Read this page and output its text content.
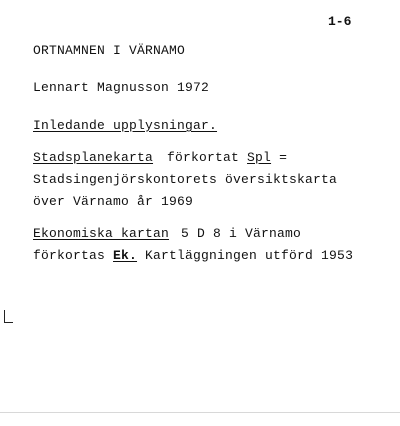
1-6
ORTNAMNEN I VÄRNAMO
Lennart Magnusson 1972
Inledande upplysningar.
Stadsplanekarta förkortat Spl =
Stadsingenjörskontorets översiktskarta
över Värnamo år 1969
Ekonomiska kartan 5 D 8 i Värnamo
förkortas Ek. Kartläggningen utförd 1953
